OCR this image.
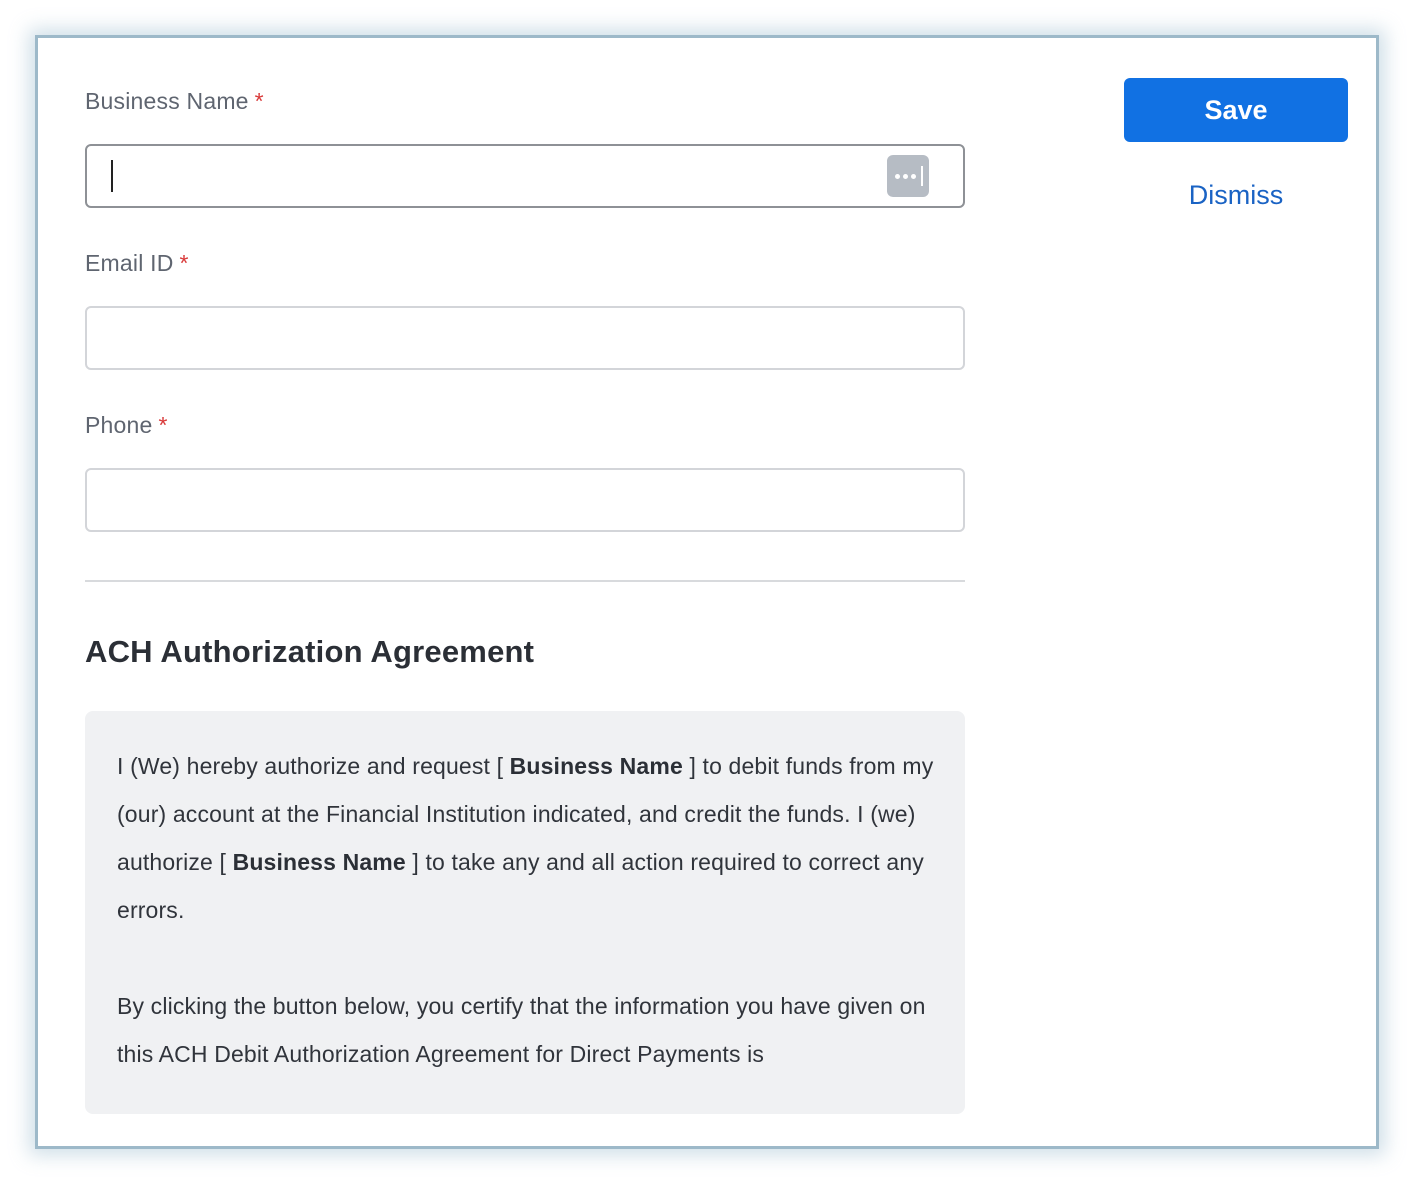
Business Name *
Email ID *
Phone *
ACH Authorization Agreement

I (We) hereby authorize and request [ Business Name ] to debit funds from my (our) account at the Financial Institution indicated, and credit the funds. I (we) authorize [ Business Name ] to take any and all action required to correct any errors.

By clicking the button below, you certify that the information you have given on this ACH Debit Authorization Agreement for Direct Payments is

Save
Dismiss
